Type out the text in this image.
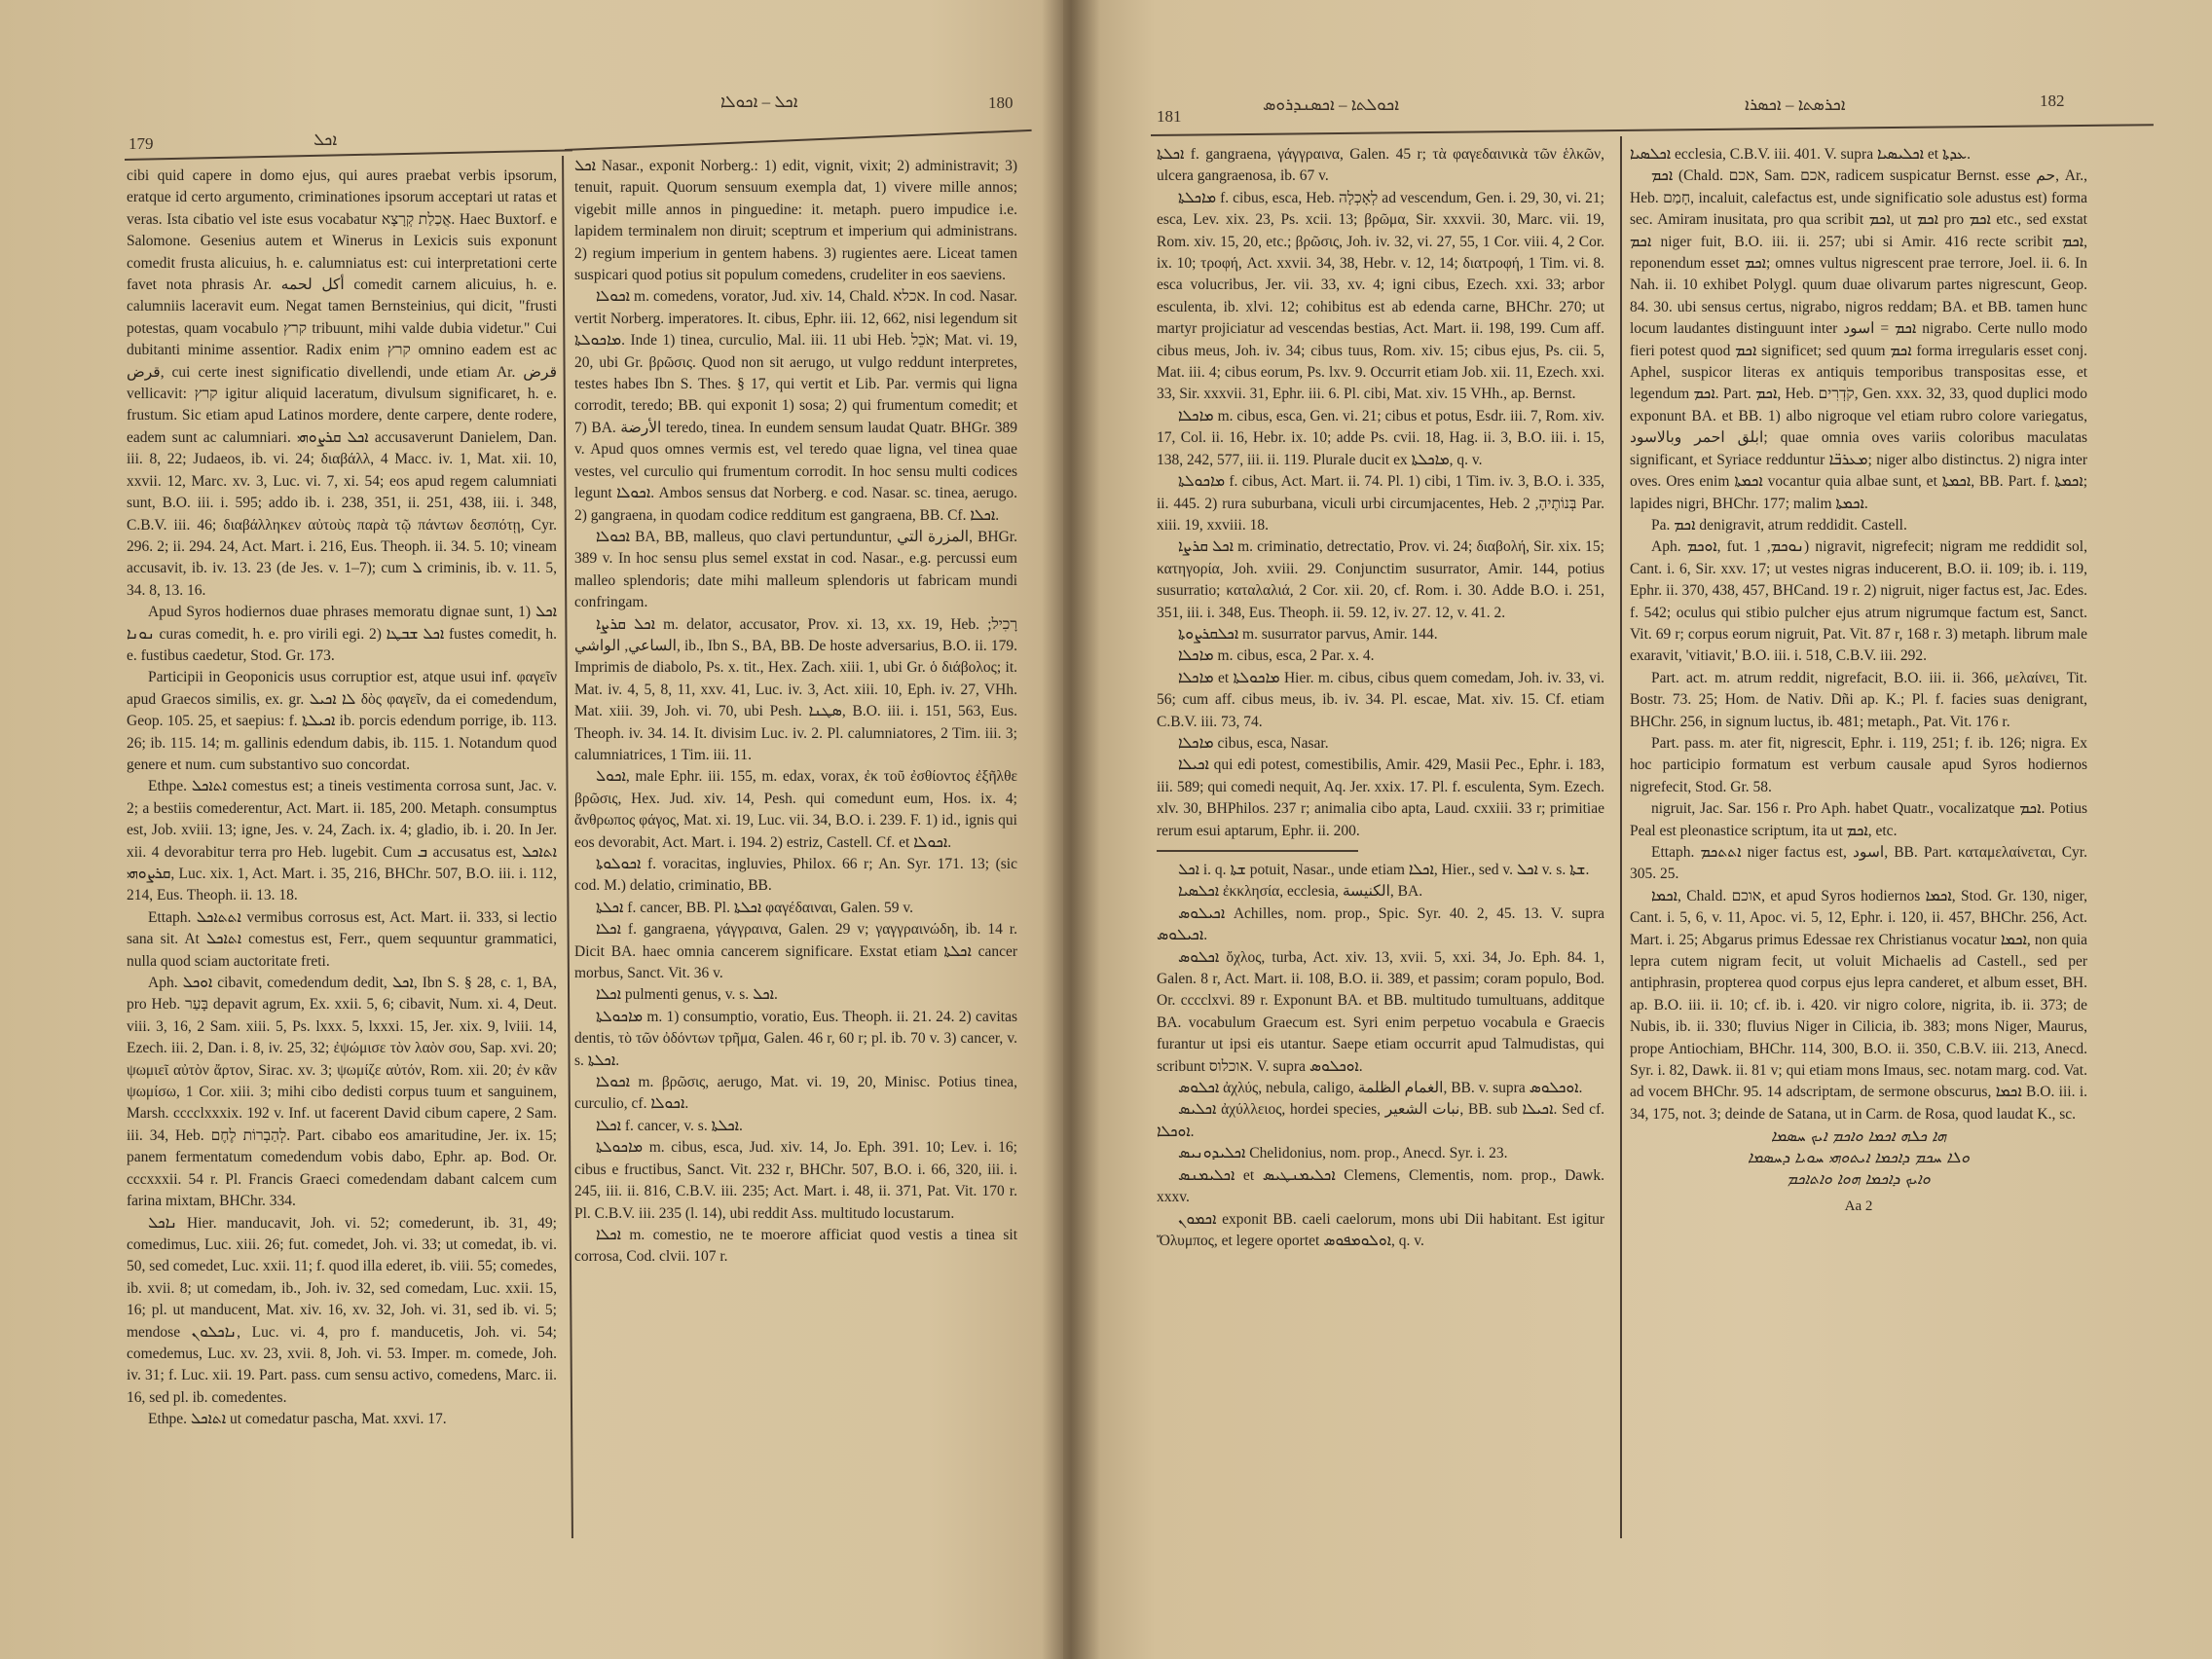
179	ܐܟܠ
ܐܟܠ – ܐܟܘܠܐ	180

cibi quid capere in domo ejus, qui aures praebat verbis ipsorum, eratque id certo argumento, criminationes ipsorum acceptari ut ratas et veras. Ista cibatio vel iste esus vocabatur אֲכַלַת קְרָצָא. Haec Buxtorf. e Salomone. Gesenius autem et Winerus in Lexicis suis exponunt comedit frusta alicuius, h. e. calumniatus est: cui interpretationi certe favet nota phrasis Ar. أكل لحمه comedit carnem alicuius, h. e. calumniis laceravit eum. Negat tamen Bernsteinius, qui dicit, "frusti potestas, quam vocabulo קרץ tribuunt, mihi valde dubia videtur." Cui dubitanti minime assentior. Radix enim קרץ omnino eadem est ac قرض, cui certe inest significatio divellendi, unde etiam Ar. قرض vellicavit: קרץ igitur aliquid laceratum, divulsum significaret, h. e. frustum. Sic etiam apud Latinos mordere, dente carpere, dente rodere, eadem sunt ac calumniari. ܐܟܠ ܩܪܨܘܗܝ accusaverunt Danielem, Dan. iii. 8, 22; Judaeos, ib. vi. 24; διαβάλλ, 4 Macc. iv. 1, Mat. xii. 10, xxvii. 12, Marc. xv. 3, Luc. vi. 7, xi. 54; eos apud regem calumniati sunt, B.O. iii. i. 595; addo ib. i. 238, 351, ii. 251, 438, iii. i. 348, C.B.V. iii. 46; διαβάλληκεν αὐτοὺς παρὰ τῷ πάντων δεσπότῃ, Cyr. 296. 2; ii. 294. 24, Act. Mart. i. 216, Eus. Theoph. ii. 34. 5. 10; vineam accusavit, ib. iv. 13. 23 (de Jes. v. 1–7); cum ܠ criminis, ib. v. 11. 5, 34. 8, 13. 16.

Apud Syros hodiernos duae phrases memoratu dignae sunt, 1) ܐܟܠ ܢܘܢܐ curas comedit, h. e. pro virili egi. 2) ܐܟܠ ܫܒܛܐ fustes comedit, h. e. fustibus caedetur, Stod. Gr. 173.

Participii in Geoponicis usus corruptior est, atque usui inf. φαγεῖν apud Graecos similis, ex. gr. ܠܐ ܐܟܝܠ δὸς φαγεῖν, da ei comedendum, Geop. 105. 25, et saepius: f. ܐܟܝܠܬܐ ib. porcis edendum porrige, ib. 113. 26; ib. 115. 14; m. gallinis edendum dabis, ib. 115. 1. Notandum quod genere et num. cum substantivo suo concordat.

Ethpe. ܐܬܐܟܠ comestus est; a tineis vestimenta corrosa sunt, Jac. v. 2; a bestiis comederentur, Act. Mart. ii. 185, 200. Metaph. consumptus est, Job. xviii. 13; igne, Jes. v. 24, Zach. ix. 4; gladio, ib. i. 20. In Jer. xii. 4 devorabitur terra pro Heb. lugebit. Cum ܒ accusatus est, ܐܬܐܟܠ ܩܪܨܘܗܝ, Luc. xix. 1, Act. Mart. i. 35, 216, BHChr. 507, B.O. iii. i. 112, 214, Eus. Theoph. ii. 13. 18.

Ettaph. ܐܬܬܐܟܠ vermibus corrosus est, Act. Mart. ii. 333, si lectio sana sit. At ܐܬܐܟܠ comestus est, Ferr., quem sequuntur grammatici, nulla quod sciam auctoritate freti.

Aph. ܐܘܟܠ cibavit, comedendum dedit, ܐܟܠ, Ibn S. § 28, c. 1, BA, pro Heb. בָּעַר depavit agrum, Ex. xxii. 5, 6; cibavit, Num. xi. 4, Deut. viii. 3, 16, 2 Sam. xiii. 5, Ps. lxxx. 5, lxxxi. 15, Jer. xix. 9, lviii. 14, Ezech. iii. 2, Dan. i. 8, iv. 25, 32; ἐψώμισε τὸν λαὸν σου, Sap. xvi. 20; ψωμιεῖ αὐτὸν ἄρτον, Sirac. xv. 3; ψωμίζε αὐτόν, Rom. xii. 20; ἐν κἂν ψωμίσω, 1 Cor. xiii. 3; mihi cibo dedisti corpus tuum et sanguinem, Marsh. cccclxxxix. 192 v. Inf. ut facerent David cibum capere, 2 Sam. iii. 34, Heb. לְהַבְרוֹת לֶחֶם. Part. cibabo eos amaritudine, Jer. ix. 15; panem fermentatum comedendum vobis dabo, Ephr. ap. Bod. Or. cccxxxii. 54 r. Pl. Francis Graeci comedendam dabant calcem cum farina mixtam, BHChr. 334.

ܢܐܟܠ Hier. manducavit, Joh. vi. 52; comederunt, ib. 31, 49; comedimus, Luc. xiii. 26; fut. comedet, Joh. vi. 33; ut comedat, ib. vi. 50, sed comedet, Luc. xxii. 11; f. quod illa ederet, ib. viii. 55; comedes, ib. xvii. 8; ut comedam, ib., Joh. iv. 32, sed comedam, Luc. xxii. 15, 16; pl. ut manducent, Mat. xiv. 16, xv. 32, Joh. vi. 31, sed ib. vi. 5; mendose ܢܐܟܠܘܢ, Luc. vi. 4, pro f. manducetis, Joh. vi. 54; comedemus, Luc. xv. 23, xvii. 8, Joh. vi. 53. Imper. m. comede, Joh. iv. 31; f. Luc. xii. 19. Part. pass. cum sensu activo, comedens, Marc. ii. 16, sed pl. ib. comedentes.

Ethpe. ܐܬܐܟܠ ut comedatur pascha, Mat. xxvi. 17.

ܐܟܠ Nasar., exponit Norberg.: 1) edit, vignit, vixit; 2) administravit; 3) tenuit, rapuit. Quorum sensuum exempla dat, 1) vivere mille annos; vigebit mille annos in pinguedine: it. metaph. puero impudice i.e. lapidem terminalem non diruit; sceptrum et imperium qui administrans. 2) regium imperium in gentem habens. 3) rugientes aere. Liceat tamen suspicari quod potius sit populum comedens, crudeliter in eos saeviens.

ܐܟܘܠܐ m. comedens, vorator, Jud. xiv. 14, Chald. אכלא. In cod. Nasar. vertit Norberg. imperatores. It. cibus, Ephr. iii. 12, 662, nisi legendum sit ܡܐܟܘܠܬܐ. Inde 1) tinea, curculio, Mal. iii. 11 ubi Heb. אֹכֵל; Mat. vi. 19, 20, ubi Gr. βρῶσις. Quod non sit aerugo, ut vulgo reddunt interpretes, testes habes Ibn S. Thes. § 17, qui vertit et Lib. Par. vermis qui ligna corrodit, teredo; BB. qui exponit 1) sosa; 2) qui frumentum comedit; et 7) BA. الأرضة teredo, tinea. In eundem sensum laudat Quatr. BHGr. 389 v. Apud quos omnes vermis est, vel teredo quae ligna, vel tinea quae vestes, vel curculio qui frumentum corrodit. In hoc sensu multi codices legunt ܐܟܘܠܐ. Ambos sensus dat Norberg. e cod. Nasar. sc. tinea, aerugo. 2) gangraena, in quodam codice redditum est gangraena, BB. Cf. ܐܟܠܐ.

ܐܟܘܠܐ BA, BB, malleus, quo clavi pertunduntur, المزرة التي, BHGr. 389 v. In hoc sensu plus semel exstat in cod. Nasar., e.g. percussi eum malleo splendoris; date mihi malleum splendoris ut fabricam mundi confringam.

ܐܟܠ ܩܪܨܐ m. delator, accusator, Prov. xi. 13, xx. 19, Heb. רָכִיל; الساعي, الواشي, ib., Ibn S., BA, BB. De hoste adversarius, B.O. ii. 179. Imprimis de diabolo, Ps. x. tit., Hex. Zach. xiii. 1, ubi Gr. ὁ διάβολος; it. Mat. iv. 4, 5, 8, 11, xxv. 41, Luc. iv. 3, Act. xiii. 10, Eph. iv. 27, VHh. Mat. xiii. 39, Joh. vi. 70, ubi Pesh. ܣܛܢܐ, B.O. iii. i. 151, 563, Eus. Theoph. iv. 34. 14. It. divisim Luc. iv. 2. Pl. calumniatores, 2 Tim. iii. 3; calumniatrices, 1 Tim. iii. 11.

ܐܟܘܠ, male Ephr. iii. 155, m. edax, vorax, ἐκ τοῦ ἐσθίοντος ἐξῆλθε βρῶσις, Hex. Jud. xiv. 14, Pesh. qui comedunt eum, Hos. ix. 4; ἄνθρωπος φάγος, Mat. xi. 19, Luc. vii. 34, B.O. i. 239. F. 1) id., ignis qui eos devorabit, Act. Mart. i. 194. 2) estriz, Castell. Cf. et ܐܟܘܠܐ.

ܐܟܘܠܘܬܐ f. voracitas, ingluvies, Philox. 66 r; An. Syr. 171. 13; (sic cod. M.) delatio, criminatio, BB.

ܐܟܠܬܐ f. cancer, BB. Pl. ܐܟܠܬܐ φαγέδαιναι, Galen. 59 v.

ܐܟܠܐ f. gangraena, γάγγραινα, Galen. 29 v; γαγγραινώδη, ib. 14 r. Dicit BA. haec omnia cancerem significare. Exstat etiam ܐܟܠܬܐ cancer morbus, Sanct. Vit. 36 v.

ܐܟܠܐ pulmenti genus, v. s. ܐܟܠ.

ܡܐܟܘܠܬܐ m. 1) consumptio, voratio, Eus. Theoph. ii. 21. 24. 2) cavitas dentis, τὸ τῶν ὀδόντων τρῆμα, Galen. 46 r, 60 r; pl. ib. 70 v. 3) cancer, v. s. ܐܟܠܬܐ.

ܐܟܘܠܐ m. βρῶσις, aerugo, Mat. vi. 19, 20, Minisc. Potius tinea, curculio, cf. ܐܟܘܠܐ.

ܐܟܠܐ f. cancer, v. s. ܐܟܠܬܐ.

ܡܐܟܘܠܬܐ m. cibus, esca, Jud. xiv. 14, Jo. Eph. 391. 10; Lev. i. 16; cibus e fructibus, Sanct. Vit. 232 r, BHChr. 507, B.O. i. 66, 320, iii. i. 245, iii. ii. 816, C.B.V. iii. 235; Act. Mart. i. 48, ii. 371, Pat. Vit. 170 r. Pl. C.B.V. iii. 235 (l. 14), ubi reddit Ass. multitudo locustarum.

ܐܟܠܐ m. comestio, ne te moerore afficiat quod vestis a tinea sit corrosa, Cod. clvii. 107 r.

181
ܐܟܘܠܬܐ – ܐܟܣܢܕܪܘܣ	ܐܟܪܣܬܐ – ܐܟܣܪܐ	182

ܐܟܠܬܐ f. gangraena, γάγγραινα, Galen. 45 r; τὰ φαγεδαινικὰ τῶν ἑλκῶν, ulcera gangraenosa, ib. 67 v.

ܡܐܟܠܬܐ f. cibus, esca, Heb. לְאָכְלָה ad vescendum, Gen. i. 29, 30, vi. 21; esca, Lev. xix. 23, Ps. xcii. 13; βρῶμα, Sir. xxxvii. 30, Marc. vii. 19, Rom. xiv. 15, 20, etc.; βρῶσις, Joh. iv. 32, vi. 27, 55, 1 Cor. viii. 4, 2 Cor. ix. 10; τροφή, Act. xxvii. 34, 38, Hebr. v. 12, 14; διατροφή, 1 Tim. vi. 8. esca volucribus, Jer. vii. 33, xv. 4; igni cibus, Ezech. xxi. 33; arbor esculenta, ib. xlvi. 12; cohibitus est ab edenda carne, BHChr. 270; ut martyr projiciatur ad vescendas bestias, Act. Mart. ii. 198, 199. Cum aff. cibus meus, Joh. iv. 34; cibus tuus, Rom. xiv. 15; cibus ejus, Ps. cii. 5, Mat. iii. 4; cibus eorum, Ps. lxv. 9. Occurrit etiam Job. xii. 11, Ezech. xxi. 33, Sir. xxxvii. 31, Ephr. iii. 6. Pl. cibi, Mat. xiv. 15 VHh., ap. Bernst.

ܡܐܟܠܐ m. cibus, esca, Gen. vi. 21; cibus et potus, Esdr. iii. 7, Rom. xiv. 17, Col. ii. 16, Hebr. ix. 10; adde Ps. cvii. 18, Hag. ii. 3, B.O. iii. i. 15, 138, 242, 577, iii. ii. 119. Plurale ducit ex ܡܐܟܠܬܐ, q. v.

ܡܐܟܘܠܬܐ f. cibus, Act. Mart. ii. 74. Pl. 1) cibi, 1 Tim. iv. 3, B.O. i. 335, ii. 445. 2) rura suburbana, viculi urbi circumjacentes, Heb. בְּנוֹתֶיהָ, 2 Par. xiii. 19, xxviii. 18.

ܐܟܠ ܩܪܨܐ m. criminatio, detrectatio, Prov. vi. 24; διαβολή, Sir. xix. 15; κατηγορία, Joh. xviii. 29. Conjunctim susurrator, Amir. 144, potius susurratio; καταλαλιά, 2 Cor. xii. 20, cf. Rom. i. 30. Adde B.O. i. 251, 351, iii. i. 348, Eus. Theoph. ii. 59. 12, iv. 27. 12, v. 41. 2.

ܐܟܠܩܪܨܘܬܐ m. susurrator parvus, Amir. 144.

ܡܐܟܠܐ m. cibus, esca, 2 Par. x. 4.

ܡܐܟܠܐ et ܡܐܟܘܠܬܐ Hier. m. cibus, cibus quem comedam, Joh. iv. 33, vi. 56; cum aff. cibus meus, ib. iv. 34. Pl. escae, Mat. xiv. 15. Cf. etiam C.B.V. iii. 73, 74.

ܡܐܟܠܐ cibus, esca, Nasar.

ܐܟܝܠܐ qui edi potest, comestibilis, Amir. 429, Masii Pec., Ephr. i. 183, iii. 589; qui comedi nequit, Aq. Jer. xxix. 17. Pl. f. esculenta, Sym. Ezech. xlv. 30, BHPhilos. 237 r; animalia cibo apta, Laud. cxxiii. 33 r; primitiae rerum esui aptarum, Ephr. ii. 200.

ܐܟܠ i. q. ܫܬܐ potuit, Nasar., unde etiam ܐܟܠܐ, Hier., sed v. ܐܟܠ v. s. ܫܬܐ.

ܐܟܠܣܝܐ ἐκκλησία, ecclesia, الكنيسة, BA.

ܐܟܝܠܘܣ Achilles, nom. prop., Spic. Syr. 40. 2, 45. 13. V. supra ܐܟܝܠܘܣ.

ܐܟܠܘܣ ὄχλος, turba, Act. xiv. 13, xvii. 5, xxi. 34, Jo. Eph. 84. 1, Galen. 8 r, Act. Mart. ii. 108, B.O. ii. 389, et passim; coram populo, Bod. Or. cccclxvi. 89 r. Exponunt BA. et BB. multitudo tumultuans, additque BA. vocabulum Graecum est. Syri enim perpetuo vocabula e Graecis furantur ut ipsi eis utantur. Saepe etiam occurrit apud Talmudistas, qui scribunt אוכלוס. V. supra ܐܘܟܠܘܣ.

ܐܟܠܘܣ ἀχλύς, nebula, caligo, الغمام الظلمة, BB. v. supra ܐܘܟܠܘܣ.

ܐܟܠܝܣ ἀχύλλειος, hordei species, نبات الشعير, BB. sub ܐܟܝܠܐ. Sed cf. ܐܘܟܠܐ.

ܐܟܠܝܕܘܢܝܣ Chelidonius, nom. prop., Anecd. Syr. i. 23.

ܐܟܠܝܡܢܣ et ܐܟܠܝܡܢܛܝܣ Clemens, Clementis, nom. prop., Dawk. xxxv.

ܐܟܡܘܢ exponit BB. caeli caelorum, mons ubi Dii habitant. Est igitur Ὄλυμπος, et legere oportet ܐܘܠܘܡܦܘܣ, q. v.

ܐܟܠܣܝܐ ecclesia, C.B.V. iii. 401. V. supra ܐܟܠܝܣܝܐ et ܥܕܬܐ.

ܐܟܡ (Chald. אכם, Sam. אכם, radicem suspicatur Bernst. esse حم, Ar., Heb. חָמַם, incaluit, calefactus est, unde significatio sole adustus est) forma sec. Amiram inusitata, pro qua scribit ܐܟܡ, ut ܐܟܡ pro ܐܟܡ etc., sed exstat ܐܟܡ niger fuit, B.O. iii. ii. 257; ubi si Amir. 416 recte scribit ܐܟܡ, reponendum esset ܐܟܡ; omnes vultus nigrescent prae terrore, Joel. ii. 6. In Nah. ii. 10 exhibet Polygl. quum duae olivarum partes nigrescunt, Geop. 84. 30. ubi sensus certus, nigrabo, nigros reddam; BA. et BB. tamen hunc locum laudantes distinguunt inter ܐܟܡ = اسود nigrabo. Certe nullo modo fieri potest quod ܐܟܡ significet; sed quum ܐܟܡ forma irregularis esset conj. Aphel, suspicor literas ex antiquis temporibus transpositas esse, et legendum ܐܟܡ. Part. ܐܟܡ, Heb. קֹדְרִים, Gen. xxx. 32, 33, quod duplici modo exponunt BA. et BB. 1) albo nigroque vel etiam rubro colore variegatus, ابلق احمر وبالاسود; quae omnia oves variis coloribus maculatas significant, et Syriace redduntur ܡܥܪܒ̈ܐ; niger albo distinctus. 2) nigra inter oves. Ores enim ܐܟܡܬܐ vocantur quia albae sunt, et ܐܟܡܬܐ, BB. Part. f. ܐܟܡܬܐ; lapides nigri, BHChr. 177; malim ܐܟܡܬܐ.

Pa. ܐܟܡ denigravit, atrum reddidit. Castell.

Aph. ܐܘܟܡ, fut. ܢܘܟܡ, 1) nigravit, nigrefecit; nigram me reddidit sol, Cant. i. 6, Sir. xxv. 17; ut vestes nigras inducerent, B.O. ii. 109; ib. i. 119, Ephr. ii. 370, 438, 457, BHCand. 19 r. 2) nigruit, niger factus est, Jac. Edes. f. 542; oculus qui stibio pulcher ejus atrum nigrumque factum est, Sanct. Vit. 69 r; corpus eorum nigruit, Pat. Vit. 87 r, 168 r. 3) metaph. librum male exaravit, 'vitiavit,' B.O. iii. i. 518, C.B.V. iii. 292.

Part. act. m. atrum reddit, nigrefacit, B.O. iii. ii. 366, μελαίνει, Tit. Bostr. 73. 25; Hom. de Nativ. Dñi ap. K.; Pl. f. facies suas denigrant, BHChr. 256, in signum luctus, ib. 481; metaph., Pat. Vit. 176 r.

Part. pass. m. ater fit, nigrescit, Ephr. i. 119, 251; f. ib. 126; nigra. Ex hoc participio formatum est verbum causale apud Syros hodiernos nigrefecit, Stod. Gr. 58.

nigruit, Jac. Sar. 156 r. Pro Aph. habet Quatr., vocalizatque ܐܟܡ. Potius Peal est pleonastice scriptum, ita ut ܐܟܡ, etc.

Ettaph. ܐܬܬܟܡ niger factus est, اسود, BB. Part. καταμελαίνεται, Cyr. 305. 25.

ܐܟܡܐ, Chald. אוכם, et apud Syros hodiernos ܐܟܡܐ, Stod. Gr. 130, niger, Cant. i. 5, 6, v. 11, Apoc. vi. 5, 12, Ephr. i. 120, ii. 457, BHChr. 256, Act. Mart. i. 25; Abgarus primus Edessae rex Christianus vocatur ܐܟܡܐ, non quia lepra cutem nigram fecit, ut voluit Michaelis ad Castell., sed per antiphrasin, propterea quod corpus ejus lepra canderet, et album esset, BH. ap. B.O. iii. ii. 10; cf. ib. i. 420. vir nigro colore, nigrita, ib. ii. 373; de Nubis, ib. ii. 330; fluvius Niger in Cilicia, ib. 383; mons Niger, Maurus, prope Antiochiam, BHChr. 114, 300, B.O. ii. 350, C.B.V. iii. 213, Anecd. Syr. i. 82, Dawk. ii. 81 v; qui etiam mons Imaus, sec. notam marg. cod. Vat. ad vocem BHChr. 95. 14 adscriptam, de sermone obscurus, ܐܟܡܐ B.O. iii. i. 34, 175, not. 3; deinde de Satana, ut in Carm. de Rosa, quod laudat K., sc.

ܗܐ ܟܠܗ ܐܟܡܐ ܘܐܟܡ ܐܝܟ ܚܣܡܐ
ܘܠܐ ܚܟܡ ܕܐܟܡܐ ܐܝܬܘܗܝ ܚܘܝܐ ܕܚܣܡܐ
ܘܐܝܟ ܕܐܟܡܐ ܗܘܐ ܘܐܬܐܟܡ
Aa 2
